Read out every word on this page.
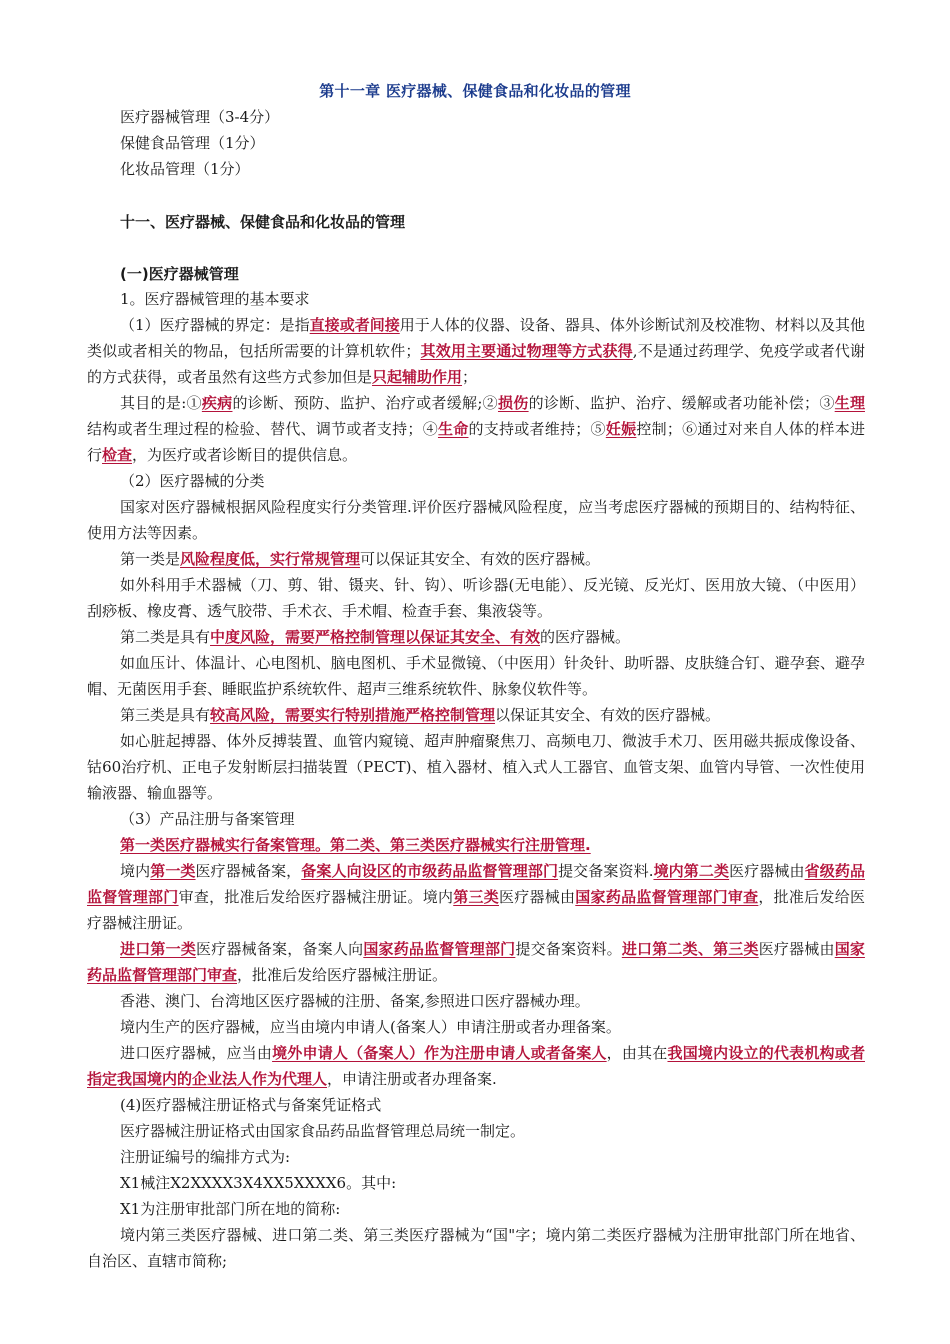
第十一章 医疗器械、保健食品和化妆品的管理
医疗器械管理（3-4分）
保健食品管理（1分）
化妆品管理（1分）
十一、医疗器械、保健食品和化妆品的管理
(一)医疗器械管理

1。医疗器械管理的基本要求

（1）医疗器械的界定：是指直接或者间接用于人体的仪器、设备、器具、体外诊断试剂及校准物、材料以及其他类似或者相关的物品，包括所需要的计算机软件；其效用主要通过物理等方式获得,不是通过药理学、免疫学或者代谢的方式获得，或者虽然有这些方式参加但是只起辅助作用；

其目的是:①疾病的诊断、预防、监护、治疗或者缓解;②损伤的诊断、监护、治疗、缓解或者功能补偿；③生理结构或者生理过程的检验、替代、调节或者支持；④生命的支持或者维持；⑤妊娠控制；⑥通过对来自人体的样本进行检查，为医疗或者诊断目的提供信息。

（2）医疗器械的分类

国家对医疗器械根据风险程度实行分类管理.评价医疗器械风险程度，应当考虑医疗器械的预期目的、结构特征、使用方法等因素。

第一类是风险程度低，实行常规管理可以保证其安全、有效的医疗器械。

如外科用手术器械（刀、剪、钳、镊夹、针、钩）、听诊器(无电能）、反光镜、反光灯、医用放大镜、（中医用）刮痧板、橡皮膏、透气胶带、手术衣、手术帽、检查手套、集液袋等。

第二类是具有中度风险，需要严格控制管理以保证其安全、有效的医疗器械。

如血压计、体温计、心电图机、脑电图机、手术显微镜、（中医用）针灸针、助听器、皮肤缝合钉、避孕套、避孕帽、无菌医用手套、睡眠监护系统软件、超声三维系统软件、脉象仪软件等。

第三类是具有较高风险，需要实行特别措施严格控制管理以保证其安全、有效的医疗器械。

如心脏起搏器、体外反搏装置、血管内窥镜、超声肿瘤聚焦刀、高频电刀、微波手术刀、医用磁共振成像设备、钴60治疗机、正电子发射断层扫描装置（PECT)、植入器材、植入式人工器官、血管支架、血管内导管、一次性使用输液器、输血器等。

（3）产品注册与备案管理

第一类医疗器械实行备案管理。第二类、第三类医疗器械实行注册管理.

境内第一类医疗器械备案，备案人向设区的市级药品监督管理部门提交备案资料.境内第二类医疗器械由省级药品监督管理部门审查，批准后发给医疗器械注册证。境内第三类医疗器械由国家药品监督管理部门审查，批准后发给医疗器械注册证。

进口第一类医疗器械备案，备案人向国家药品监督管理部门提交备案资料。进口第二类、第三类医疗器械由国家药品监督管理部门审查，批准后发给医疗器械注册证。

香港、澳门、台湾地区医疗器械的注册、备案,参照进口医疗器械办理。

境内生产的医疗器械，应当由境内申请人(备案人）申请注册或者办理备案。

进口医疗器械，应当由境外申请人（备案人）作为注册申请人或者备案人，由其在我国境内设立的代表机构或者指定我国境内的企业法人作为代理人，申请注册或者办理备案.

(4)医疗器械注册证格式与备案凭证格式

医疗器械注册证格式由国家食品药品监督管理总局统一制定。

注册证编号的编排方式为:

X1械注X2XXXX3X4XX5XXXX6。其中:

X1为注册审批部门所在地的简称:

境内第三类医疗器械、进口第二类、第三类医疗器械为“国"字；境内第二类医疗器械为注册审批部门所在地省、自治区、直辖市简称;
